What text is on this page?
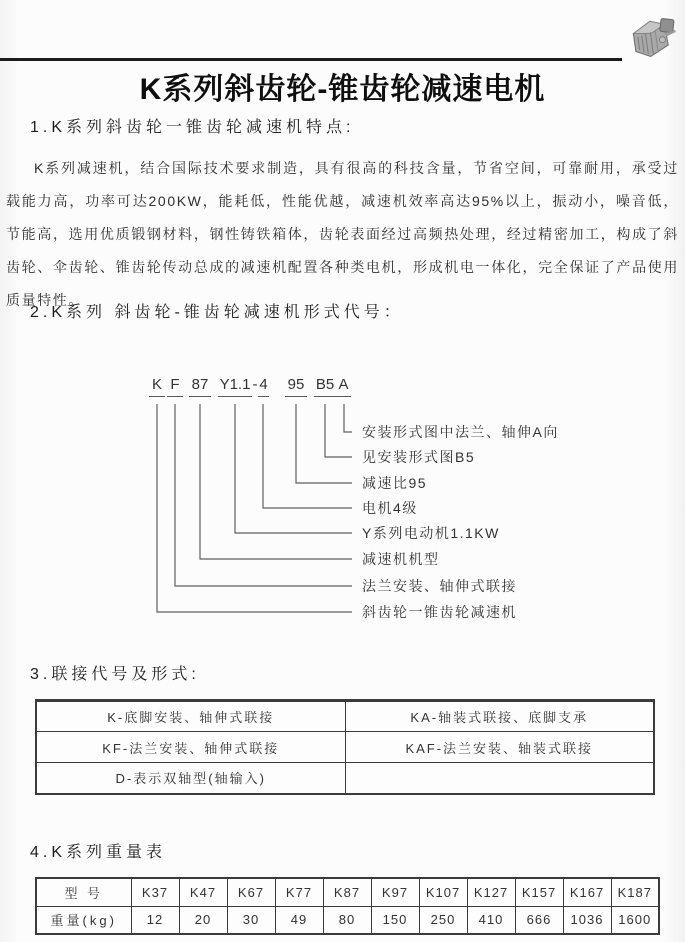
K系列斜齿轮-锥齿轮减速电机
1.K系列斜齿轮一锥齿轮减速机特点:
K系列减速机，结合国际技术要求制造，具有很高的科技含量，节省空间，可靠耐用，承受过载能力高，功率可达200KW，能耗低，性能优越，减速机效率高达95%以上，振动小，噪音低，节能高，选用优质锻钢材料，钢性铸铁箱体，齿轮表面经过高频热处理，经过精密加工，构成了斜齿轮、伞齿轮、锥齿轮传动总成的减速机配置各种类电机，形成机电一体化，完全保证了产品使用质量特性。
2.K系列 斜齿轮-锥齿轮减速机形式代号：
K F 87 Y1.1 - 4 95 B5 A
安装形式图中法兰、轴伸A向
见安装形式图B5
减速比95
电机4级
Y系列电动机1.1KW
减速机机型
法兰安装、轴伸式联接
斜齿轮一锥齿轮减速机
3.联接代号及形式:
K-底脚安装、轴伸式联接	KA-轴装式联接、底脚支承
KF-法兰安装、轴伸式联接	KAF-法兰安装、轴装式联接
D-表示双轴型(轴输入)	
4.K系列重量表
型 号	K37	K47	K67	K77	K87	K97	K107	K127	K157	K167	K187
重量(kg)	12	20	30	49	80	150	250	410	666	1036	1600
